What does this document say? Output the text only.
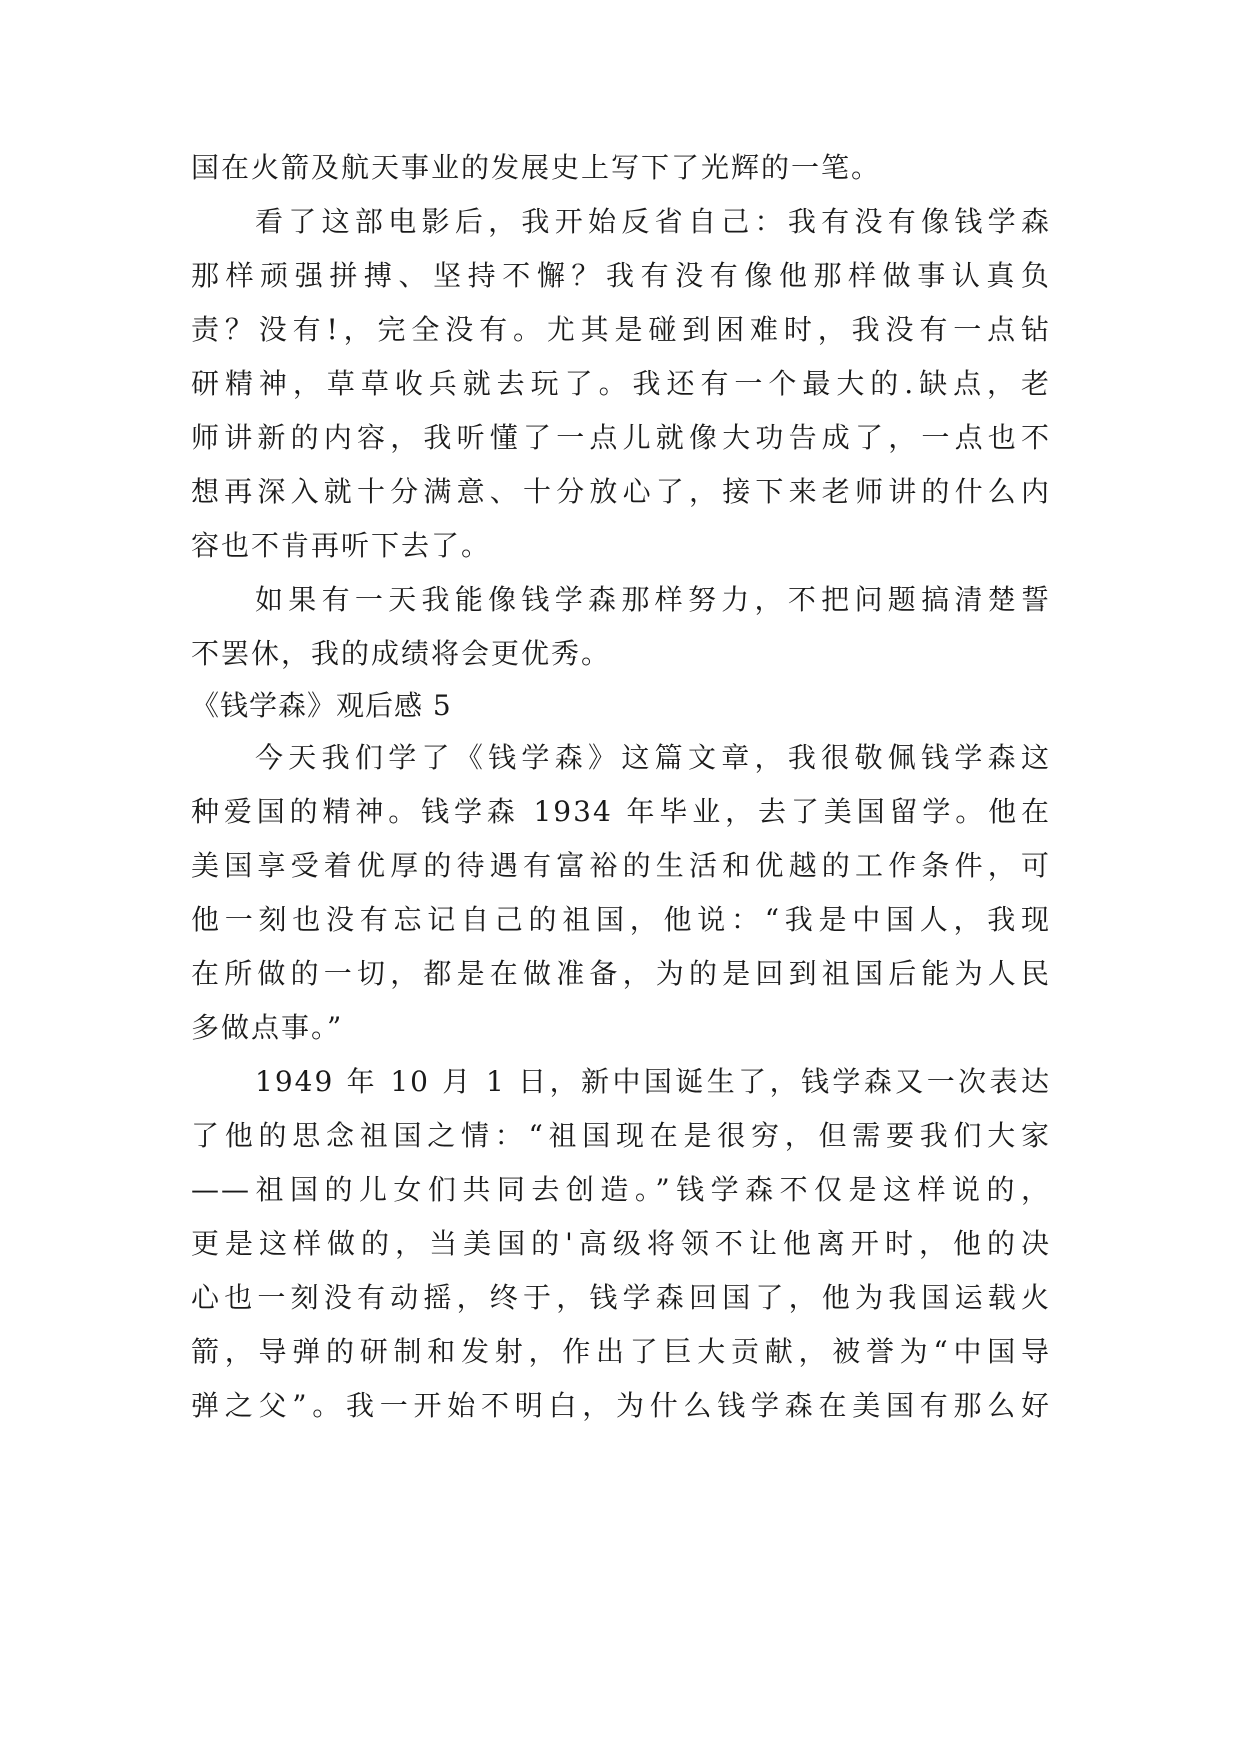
国在火箭及航天事业的发展史上写下了光辉的一笔。
看了这部电影后，我开始反省自己：我有没有像钱学森
那样顽强拼搏、坚持不懈？我有没有像他那样做事认真负
责？没有!，完全没有。尤其是碰到困难时，我没有一点钻
研精神，草草收兵就去玩了。我还有一个最大的.缺点，老
师讲新的内容，我听懂了一点儿就像大功告成了，一点也不
想再深入就十分满意、十分放心了，接下来老师讲的什么内
容也不肯再听下去了。
如果有一天我能像钱学森那样努力，不把问题搞清楚誓
不罢休，我的成绩将会更优秀。
《钱学森》观后感 5
今天我们学了《钱学森》这篇文章，我很敬佩钱学森这
种爱国的精神。钱学森 1934 年毕业，去了美国留学。他在
美国享受着优厚的待遇有富裕的生活和优越的工作条件，可
他一刻也没有忘记自己的祖国，他说：“我是中国人，我现
在所做的一切，都是在做准备，为的是回到祖国后能为人民
多做点事。”
1949 年 10 月 1 日，新中国诞生了，钱学森又一次表达
了他的思念祖国之情：“祖国现在是很穷，但需要我们大家
——祖国的儿女们共同去创造。”钱学森不仅是这样说的，
更是这样做的，当美国的'高级将领不让他离开时，他的决
心也一刻没有动摇，终于，钱学森回国了，他为我国运载火
箭，导弹的研制和发射，作出了巨大贡献，被誉为“中国导
弹之父”。我一开始不明白，为什么钱学森在美国有那么好
